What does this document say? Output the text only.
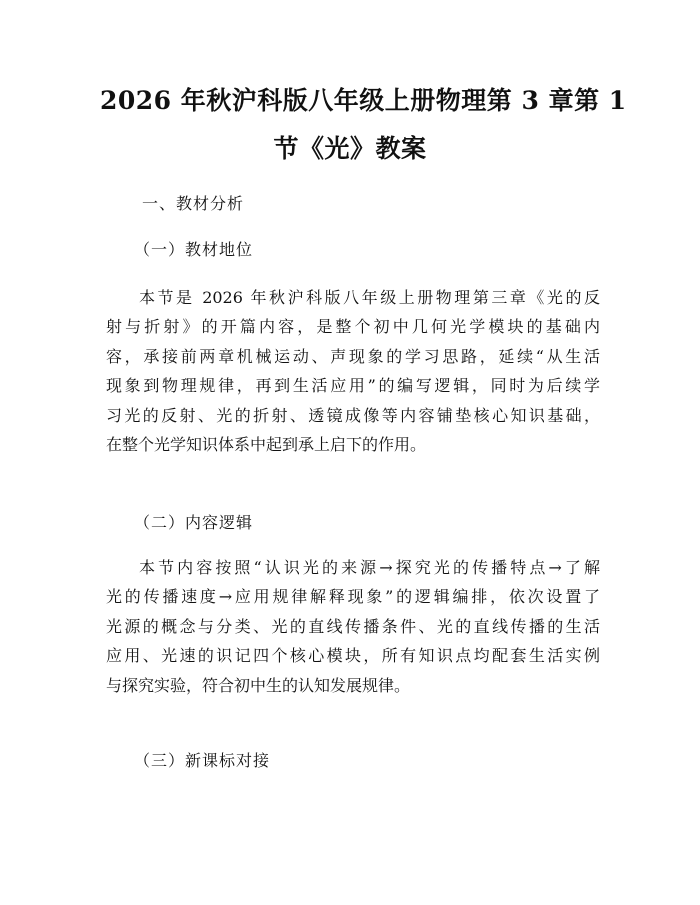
2026 年秋沪科版八年级上册物理第 3 章第 1
节《光》教案
一、教材分析
（一）教材地位
本节是 2026 年秋沪科版八年级上册物理第三章《光的反
射与折射》的开篇内容，是整个初中几何光学模块的基础内
容，承接前两章机械运动、声现象的学习思路，延续“从生活
现象到物理规律，再到生活应用”的编写逻辑，同时为后续学
习光的反射、光的折射、透镜成像等内容铺垫核心知识基础，
在整个光学知识体系中起到承上启下的作用。
（二）内容逻辑
本节内容按照“认识光的来源→探究光的传播特点→了解
光的传播速度→应用规律解释现象”的逻辑编排，依次设置了
光源的概念与分类、光的直线传播条件、光的直线传播的生活
应用、光速的识记四个核心模块，所有知识点均配套生活实例
与探究实验，符合初中生的认知发展规律。
（三）新课标对接
